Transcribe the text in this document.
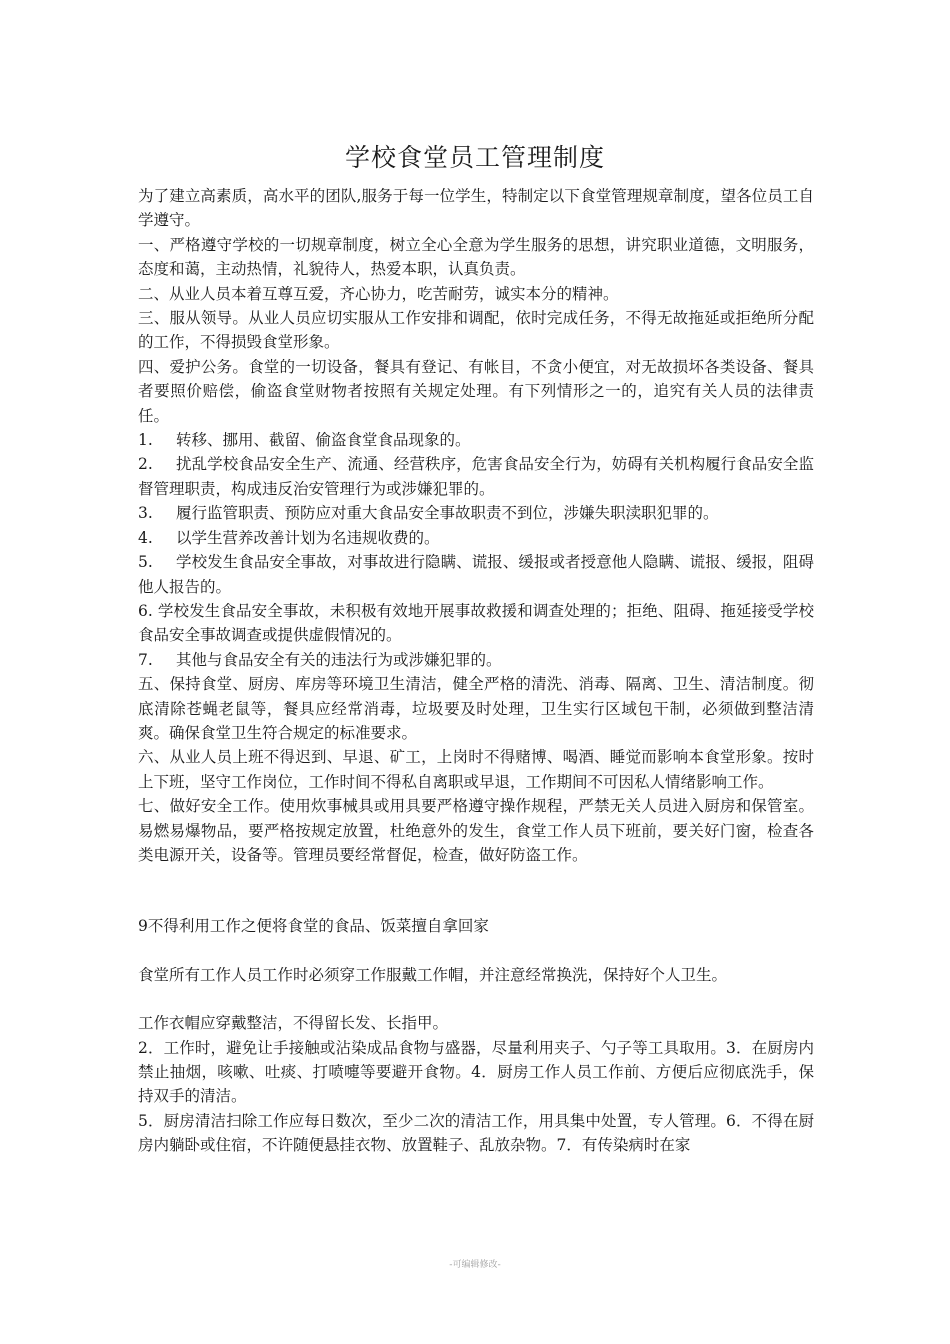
学校食堂员工管理制度

为了建立高素质，高水平的团队,服务于每一位学生，特制定以下食堂管理规章制度，望各位员工自学遵守。

一、严格遵守学校的一切规章制度，树立全心全意为学生服务的思想，讲究职业道德，文明服务，态度和蔼，主动热情，礼貌待人，热爱本职，认真负责。

二、从业人员本着互尊互爱，齐心协力，吃苦耐劳，诚实本分的精神。

三、服从领导。从业人员应切实服从工作安排和调配，依时完成任务，不得无故拖延或拒绝所分配的工作，不得损毁食堂形象。

四、爱护公务。食堂的一切设备，餐具有登记、有帐目，不贪小便宜，对无故损坏各类设备、餐具者要照价赔偿，偷盗食堂财物者按照有关规定处理。有下列情形之一的，追究有关人员的法律责任。

1. 转移、挪用、截留、偷盗食堂食品现象的。

2. 扰乱学校食品安全生产、流通、经营秩序，危害食品安全行为，妨碍有关机构履行食品安全监督管理职责，构成违反治安管理行为或涉嫌犯罪的。

3. 履行监管职责、预防应对重大食品安全事故职责不到位，涉嫌失职渎职犯罪的。

4. 以学生营养改善计划为名违规收费的。

5. 学校发生食品安全事故，对事故进行隐瞒、谎报、缓报或者授意他人隐瞒、谎报、缓报，阻碍他人报告的。

6. 学校发生食品安全事故，未积极有效地开展事故救援和调查处理的；拒绝、阻碍、拖延接受学校食品安全事故调查或提供虚假情况的。

7. 其他与食品安全有关的违法行为或涉嫌犯罪的。

五、保持食堂、厨房、库房等环境卫生清洁，健全严格的清洗、消毒、隔离、卫生、清洁制度。彻底清除苍蝇老鼠等，餐具应经常消毒，垃圾要及时处理，卫生实行区域包干制，必须做到整洁清爽。确保食堂卫生符合规定的标准要求。

六、从业人员上班不得迟到、早退、矿工，上岗时不得赌博、喝酒、睡觉而影响本食堂形象。按时上下班，坚守工作岗位，工作时间不得私自离职或早退，工作期间不可因私人情绪影响工作。

七、做好安全工作。使用炊事械具或用具要严格遵守操作规程，严禁无关人员进入厨房和保管室。易燃易爆物品，要严格按规定放置，杜绝意外的发生，食堂工作人员下班前，要关好门窗，检查各类电源开关，设备等。管理员要经常督促，检查，做好防盗工作。

9不得利用工作之便将食堂的食品、饭菜擅自拿回家

食堂所有工作人员工作时必须穿工作服戴工作帽，并注意经常换洗，保持好个人卫生。

工作衣帽应穿戴整洁，不得留长发、长指甲。

2．工作时，避免让手接触或沾染成品食物与盛器，尽量利用夹子、勺子等工具取用。3．在厨房内禁止抽烟，咳嗽、吐痰、打喷嚏等要避开食物。4．厨房工作人员工作前、方便后应彻底洗手，保持双手的清洁。

5．厨房清洁扫除工作应每日数次，至少二次的清洁工作，用具集中处置，专人管理。6．不得在厨房内躺卧或住宿，不许随便悬挂衣物、放置鞋子、乱放杂物。7．有传染病时在家

-可编辑修改-
